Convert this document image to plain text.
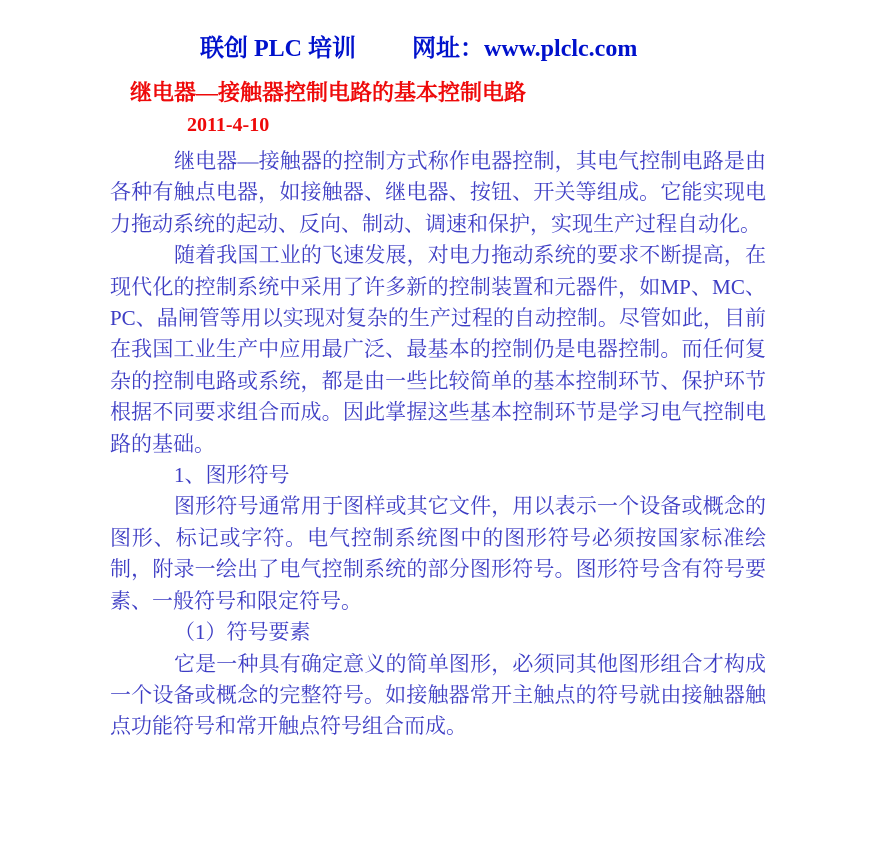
联创 PLC 培训 网址：www.plclc.com
继电器—接触器控制电路的基本控制电路
2011-4-10

继电器—接触器的控制方式称作电器控制，其电气控制电路是由各种有触点电器，如接触器、继电器、按钮、开关等组成。它能实现电力拖动系统的起动、反向、制动、调速和保护，实现生产过程自动化。

随着我国工业的飞速发展，对电力拖动系统的要求不断提高，在现代化的控制系统中采用了许多新的控制装置和元器件，如MP、MC、PC、晶闸管等用以实现对复杂的生产过程的自动控制。尽管如此，目前在我国工业生产中应用最广泛、最基本的控制仍是电器控制。而任何复杂的控制电路或系统，都是由一些比较简单的基本控制环节、保护环节根据不同要求组合而成。因此掌握这些基本控制环节是学习电气控制电路的基础。

1、图形符号

图形符号通常用于图样或其它文件，用以表示一个设备或概念的图形、标记或字符。电气控制系统图中的图形符号必须按国家标准绘制，附录一绘出了电气控制系统的部分图形符号。图形符号含有符号要素、一般符号和限定符号。

（1）符号要素

它是一种具有确定意义的简单图形，必须同其他图形组合才构成一个设备或概念的完整符号。如接触器常开主触点的符号就由接触器触点功能符号和常开触点符号组合而成。
